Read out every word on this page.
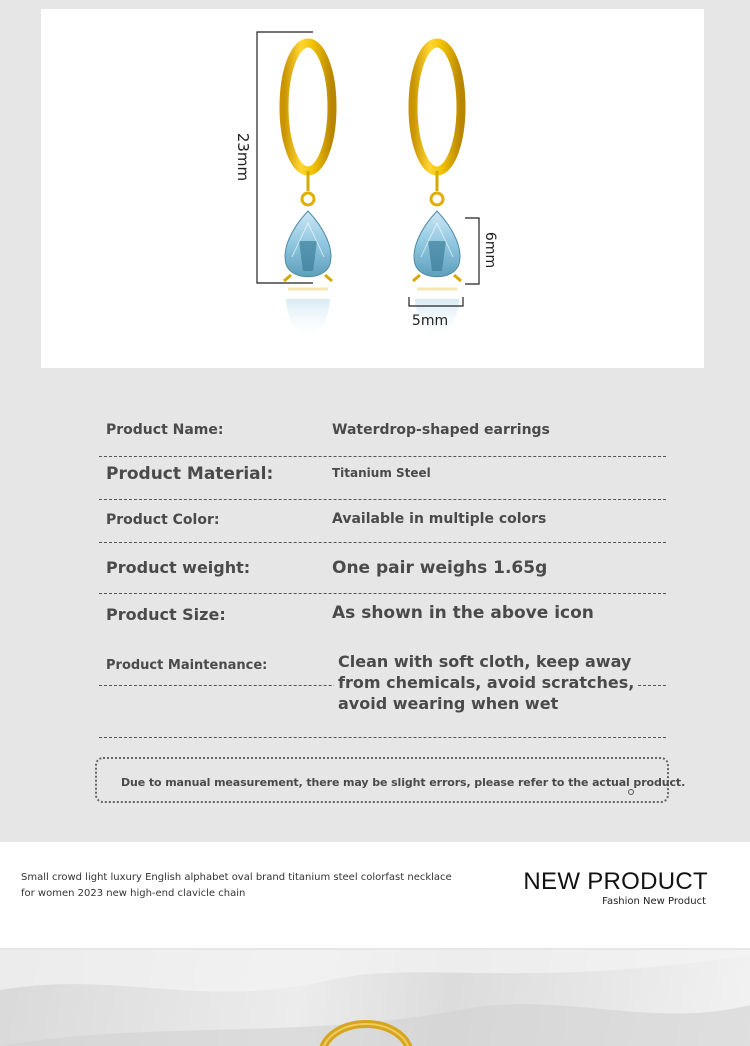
23mm
6mm
5mm
Product Name:	Waterdrop-shaped earrings
Product Material:	Titanium Steel
Product Color:	Available in multiple colors
Product weight:	One pair weighs 1.65g
Product Size:	As shown in the above icon
Product Maintenance:	Clean with soft cloth, keep away
from chemicals, avoid scratches,
avoid wearing when wet
Due to manual measurement, there may be slight errors, please refer to the actual product.
Small crowd light luxury English alphabet oval brand titanium steel colorfast necklace for women 2023 new high-end clavicle chain	NEW PRODUCT
Fashion New Product
